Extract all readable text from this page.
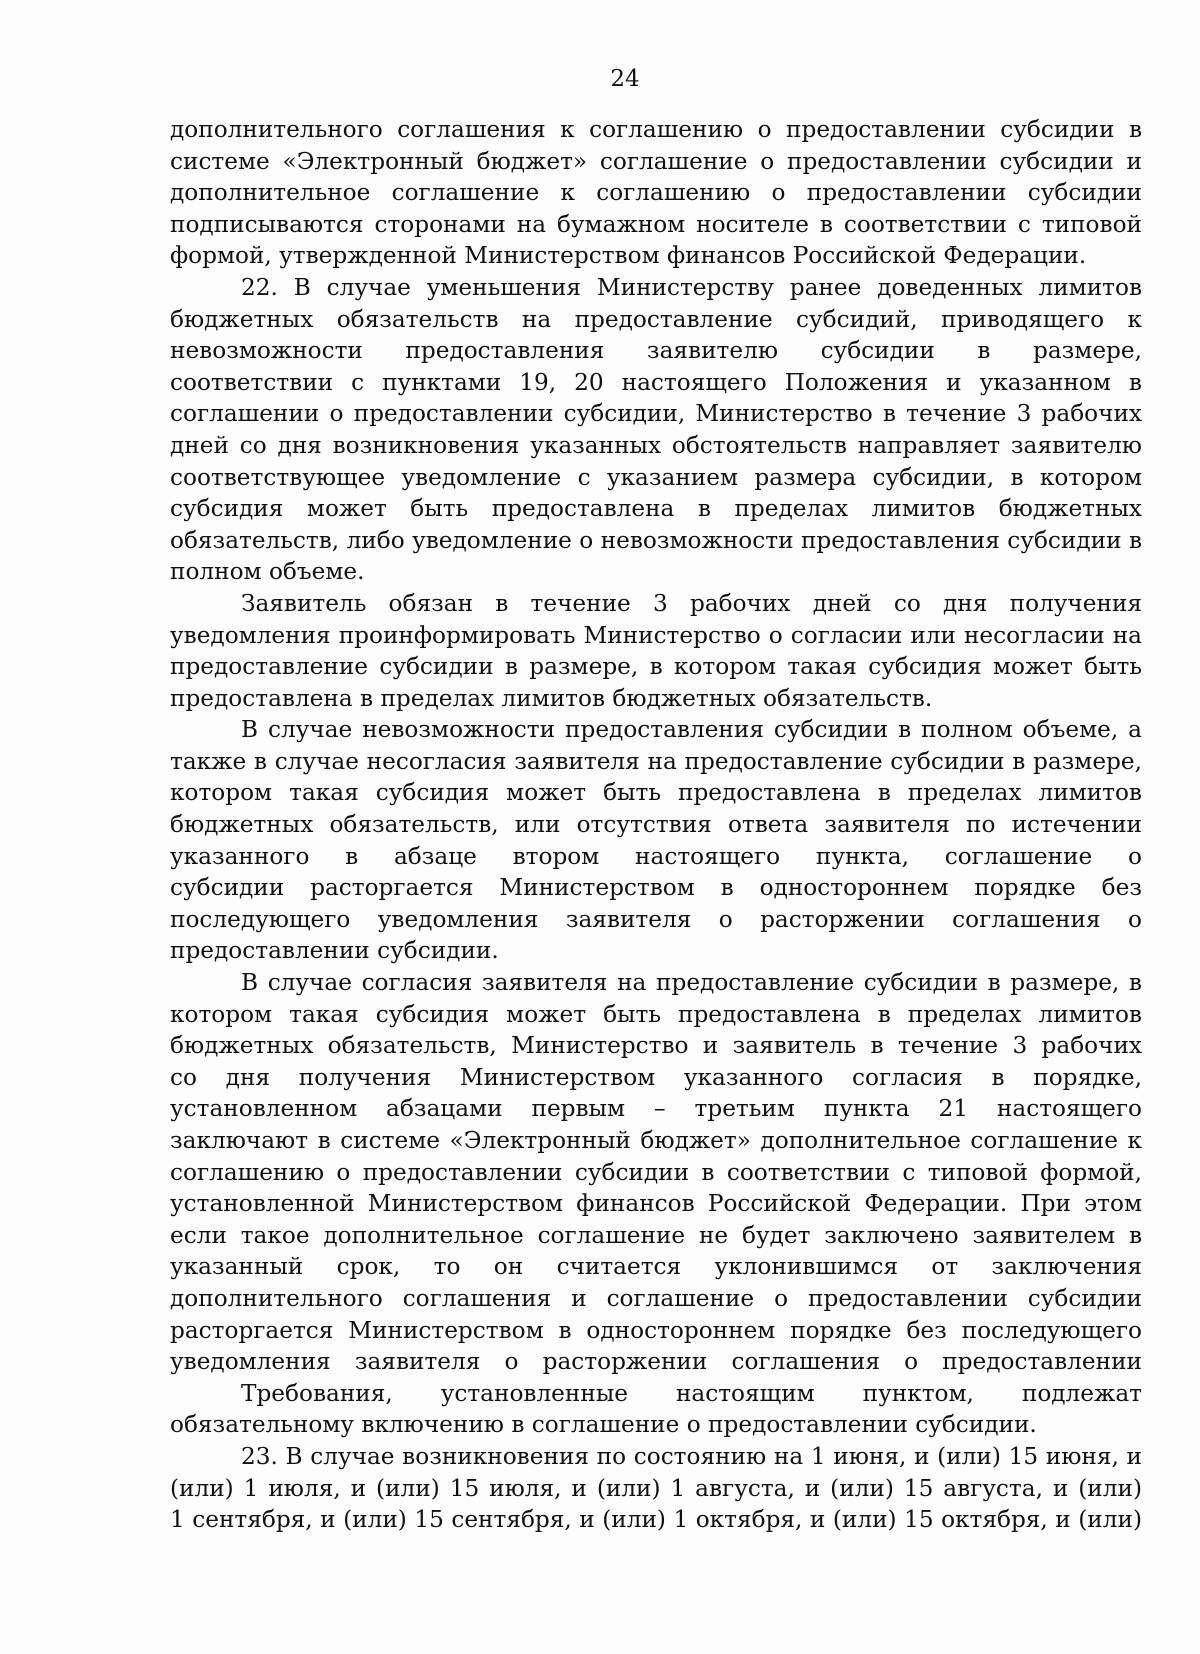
24
дополнительного соглашения к соглашению о предоставлении субсидии в
системе «Электронный бюджет» соглашение о предоставлении субсидии и
дополнительное соглашение к соглашению о предоставлении субсидии
подписываются сторонами на бумажном носителе в соответствии с типовой
формой, утвержденной Министерством финансов Российской Федерации.
22. В случае уменьшения Министерству ранее доведенных лимитов
бюджетных обязательств на предоставление субсидий, приводящего к
невозможности предоставления заявителю субсидии в размере,
соответствии с пунктами 19, 20 настоящего Положения и указанном в
соглашении о предоставлении субсидии, Министерство в течение 3 рабочих
дней со дня возникновения указанных обстоятельств направляет заявителю
соответствующее уведомление с указанием размера субсидии, в котором
субсидия может быть предоставлена в пределах лимитов бюджетных
обязательств, либо уведомление о невозможности предоставления субсидии в
полном объеме.
Заявитель обязан в течение 3 рабочих дней со дня получения
уведомления проинформировать Министерство о согласии или несогласии на
предоставление субсидии в размере, в котором такая субсидия может быть
предоставлена в пределах лимитов бюджетных обязательств.
В случае невозможности предоставления субсидии в полном объеме, а
также в случае несогласия заявителя на предоставление субсидии в размере,
котором такая субсидия может быть предоставлена в пределах лимитов
бюджетных обязательств, или отсутствия ответа заявителя по истечении
указанного в абзаце втором настоящего пункта, соглашение о
субсидии расторгается Министерством в одностороннем порядке без
последующего уведомления заявителя о расторжении соглашения о
предоставлении субсидии.
В случае согласия заявителя на предоставление субсидии в размере, в
котором такая субсидия может быть предоставлена в пределах лимитов
бюджетных обязательств, Министерство и заявитель в течение 3 рабочих
со дня получения Министерством указанного согласия в порядке,
установленном абзацами первым – третьим пункта 21 настоящего
заключают в системе «Электронный бюджет» дополнительное соглашение к
соглашению о предоставлении субсидии в соответствии с типовой формой,
установленной Министерством финансов Российской Федерации. При этом
если такое дополнительное соглашение не будет заключено заявителем в
указанный срок, то он считается уклонившимся от заключения
дополнительного соглашения и соглашение о предоставлении субсидии
расторгается Министерством в одностороннем порядке без последующего
уведомления заявителя о расторжении соглашения о предоставлении
Требования, установленные настоящим пунктом, подлежат
обязательному включению в соглашение о предоставлении субсидии.
23. В случае возникновения по состоянию на 1 июня, и (или) 15 июня, и
(или) 1 июля, и (или) 15 июля, и (или) 1 августа, и (или) 15 августа, и (или)
1 сентября, и (или) 15 сентября, и (или) 1 октября, и (или) 15 октября, и (или)
